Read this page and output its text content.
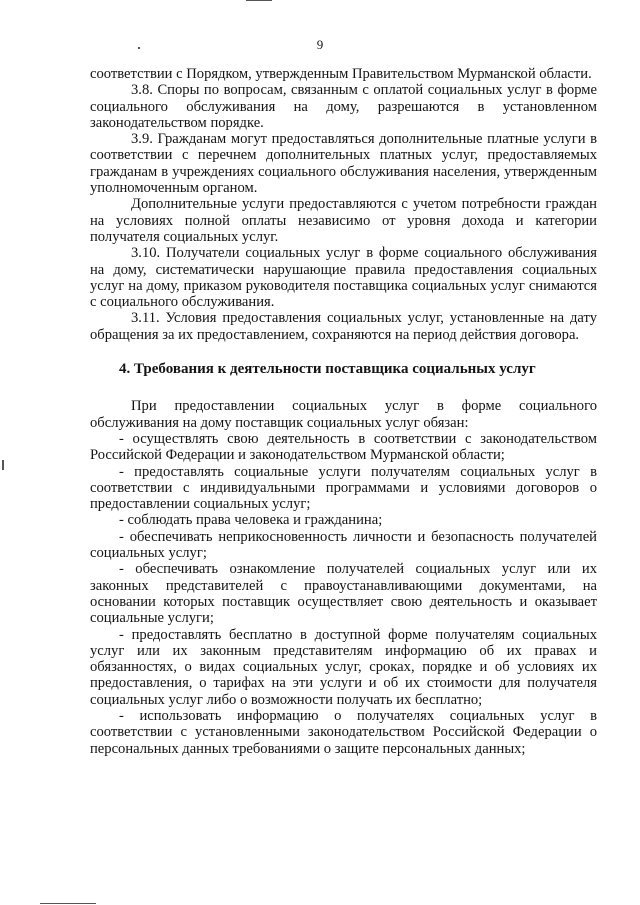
9

соответствии с Порядком, утвержденным Правительством Мурманской области.

3.8. Споры по вопросам, связанным с оплатой социальных услуг в форме социального обслуживания на дому, разрешаются в установленном законодательством порядке.

3.9. Гражданам могут предоставляться дополнительные платные услуги в соответствии с перечнем дополнительных платных услуг, предоставляемых гражданам в учреждениях социального обслуживания населения, утвержденным уполномоченным органом.

Дополнительные услуги предоставляются с учетом потребности граждан на условиях полной оплаты независимо от уровня дохода и категории получателя социальных услуг.

3.10. Получатели социальных услуг в форме социального обслуживания на дому, систематически нарушающие правила предоставления социальных услуг на дому, приказом руководителя поставщика социальных услуг снимаются с социального обслуживания.

3.11. Условия предоставления социальных услуг, установленные на дату обращения за их предоставлением, сохраняются на период действия договора.

4. Требования к деятельности поставщика социальных услуг

При предоставлении социальных услуг в форме социального обслуживания на дому поставщик социальных услуг обязан:

- осуществлять свою деятельность в соответствии с законодательством Российской Федерации и законодательством Мурманской области;

- предоставлять социальные услуги получателям социальных услуг в соответствии с индивидуальными программами и условиями договоров о предоставлении социальных услуг;

- соблюдать права человека и гражданина;

- обеспечивать неприкосновенность личности и безопасность получателей социальных услуг;

- обеспечивать ознакомление получателей социальных услуг или их законных представителей с правоустанавливающими документами, на основании которых поставщик осуществляет свою деятельность и оказывает социальные услуги;

- предоставлять бесплатно в доступной форме получателям социальных услуг или их законным представителям информацию об их правах и обязанностях, о видах социальных услуг, сроках, порядке и об условиях их предоставления, о тарифах на эти услуги и об их стоимости для получателя социальных услуг либо о возможности получать их бесплатно;

- использовать информацию о получателях социальных услуг в соответствии с установленными законодательством Российской Федерации о персональных данных требованиями о защите персональных данных;
